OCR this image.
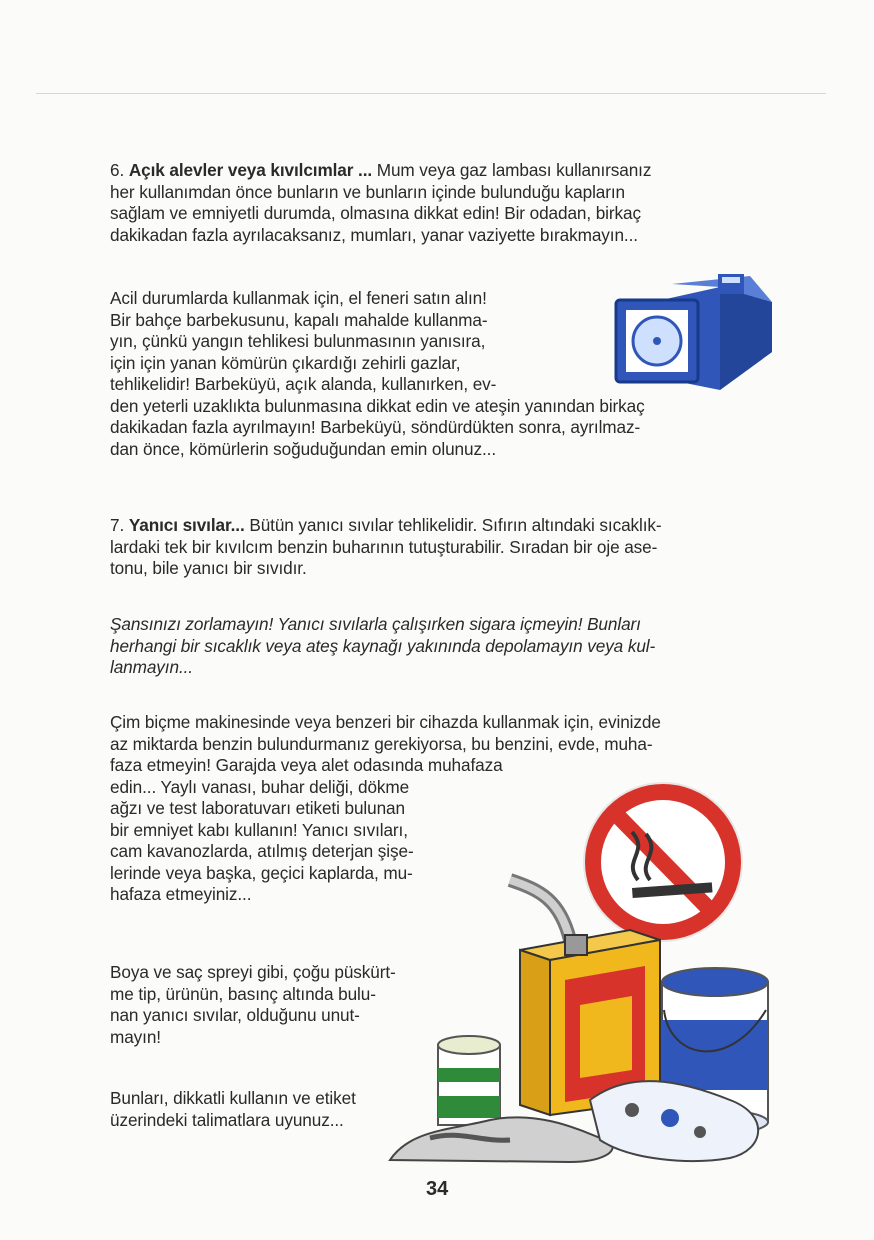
6. Açık alevler veya kıvılcımlar ... Mum veya gaz lambası kullanırsanız
her kullanımdan önce bunların ve bunların içinde bulunduğu kapların
sağlam ve emniyetli durumda, olmasına dikkat edin! Bir odadan, birkaç
dakikadan fazla ayrılacaksanız, mumları, yanar vaziyette bırakmayın...
Acil durumlarda kullanmak için, el feneri satın alın!
Bir bahçe barbekusunu, kapalı mahalde kullanma-
yın, çünkü yangın tehlikesi bulunmasının yanısıra,
için için yanan kömürün çıkardığı zehirli gazlar,
tehlikelidir! Barbeküyü, açık alanda, kullanırken, ev-
den yeterli uzaklıkta bulunmasına dikkat edin ve ateşin yanından birkaç
dakikadan fazla ayrılmayın! Barbeküyü, söndürdükten sonra, ayrılmaz-
dan önce, kömürlerin soğuduğundan emin olunuz...
7. Yanıcı sıvılar... Bütün yanıcı sıvılar tehlikelidir. Sıfırın altındaki sıcaklık-
lardaki tek bir kıvılcım benzin buharının tutuşturabilir. Sıradan bir oje ase-
tonu, bile yanıcı bir sıvıdır.
Şansınızı zorlamayın! Yanıcı sıvılarla çalışırken sigara içmeyin! Bunları
herhangi bir sıcaklık veya ateş kaynağı yakınında depolamayın veya kul-
lanmayın...
Çim biçme makinesinde veya benzeri bir cihazda kullanmak için, evinizde
az miktarda benzin bulundurmanız gerekiyorsa, bu benzini, evde, muha-
faza etmeyin! Garajda veya alet odasında muhafaza
edin... Yaylı vanası, buhar deliği, dökme
ağzı ve test laboratuvarı etiketi bulunan
bir emniyet kabı kullanın! Yanıcı sıvıları,
cam kavanozlarda, atılmış deterjan şişe-
lerinde veya başka, geçici kaplarda, mu-
hafaza etmeyiniz...
Boya ve saç spreyi gibi, çoğu püskürt-
me tip, ürünün, basınç altında bulu-
nan yanıcı sıvılar, olduğunu unut-
mayın!
Bunları, dikkatli kullanın ve etiket
üzerindeki talimatlara uyunuz...
34
